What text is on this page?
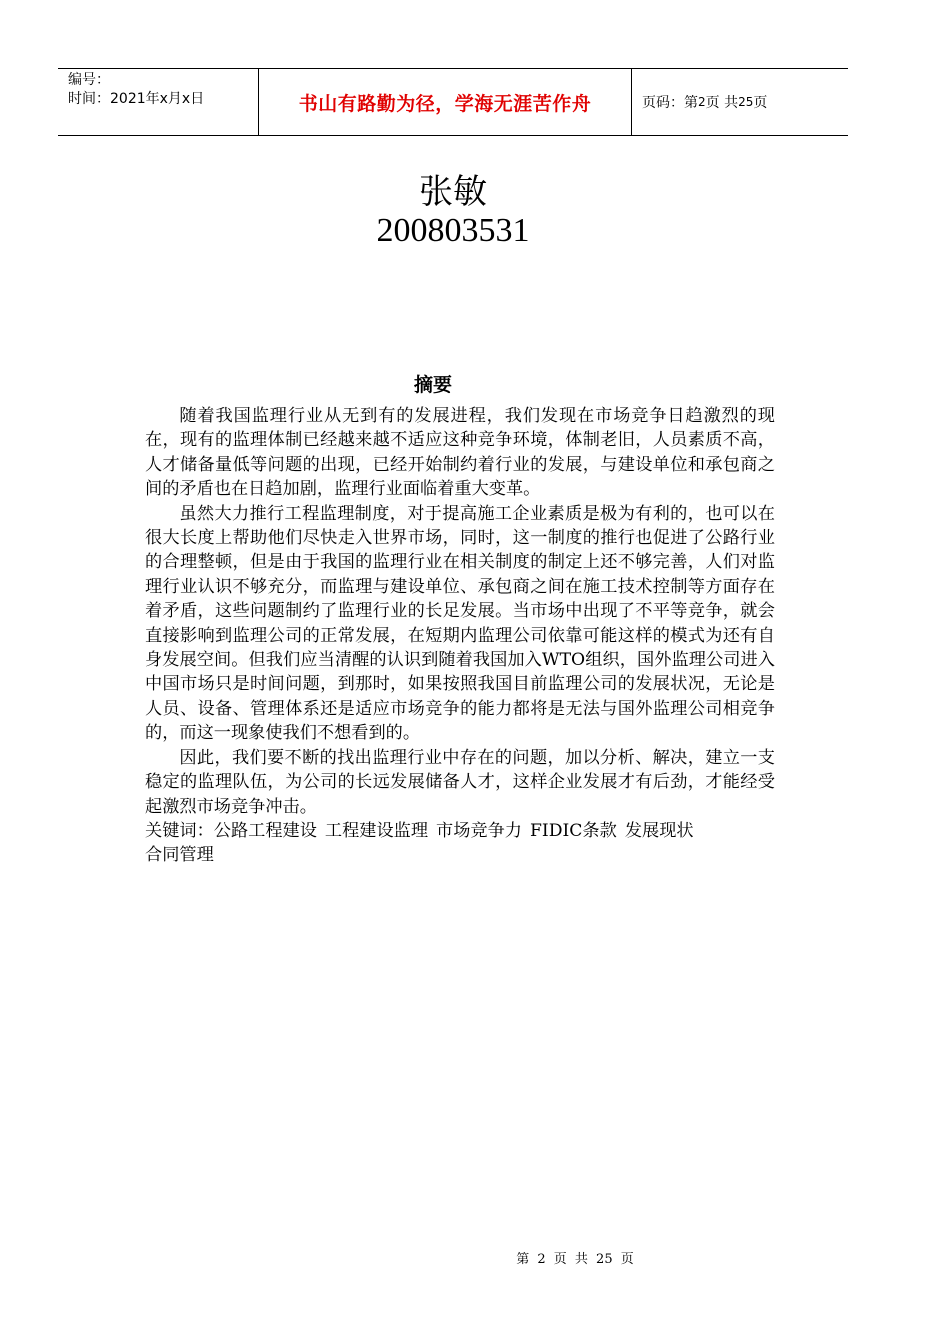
编号：
时间：2021年x月x日	书山有路勤为径，学海无涯苦作舟	页码：第 2 页 共 25 页
张敏
200803531
摘要

随着我国监理行业从无到有的发展进程，我们发现在市场竞争日趋激烈的现在，现有的监理体制已经越来越不适应这种竞争环境，体制老旧，人员素质不高，人才储备量低等问题的出现，已经开始制约着行业的发展，与建设单位和承包商之间的矛盾也在日趋加剧，监理行业面临着重大变革。

虽然大力推行工程监理制度，对于提高施工企业素质是极为有利的，也可以在很大长度上帮助他们尽快走入世界市场，同时，这一制度的推行也促进了公路行业的合理整顿，但是由于我国的监理行业在相关制度的制定上还不够完善，人们对监理行业认识不够充分，而监理与建设单位、承包商之间在施工技术控制等方面存在着矛盾，这些问题制约了监理行业的长足发展。当市场中出现了不平等竞争，就会直接影响到监理公司的正常发展，在短期内监理公司依靠可能这样的模式为还有自身发展空间。但我们应当清醒的认识到随着我国加入WTO组织，国外监理公司进入中国市场只是时间问题，到那时，如果按照我国目前监理公司的发展状况，无论是人员、设备、管理体系还是适应市场竞争的能力都将是无法与国外监理公司相竞争的，而这一现象使我们不想看到的。

因此，我们要不断的找出监理行业中存在的问题，加以分析、解决，建立一支稳定的监理队伍，为公司的长远发展储备人才，这样企业发展才有后劲，才能经受起激烈市场竞争冲击。

关键词：公路工程建设 工程建设监理 市场竞争力 FIDIC条款 发展现状
合同管理
第 2 页 共 25 页
